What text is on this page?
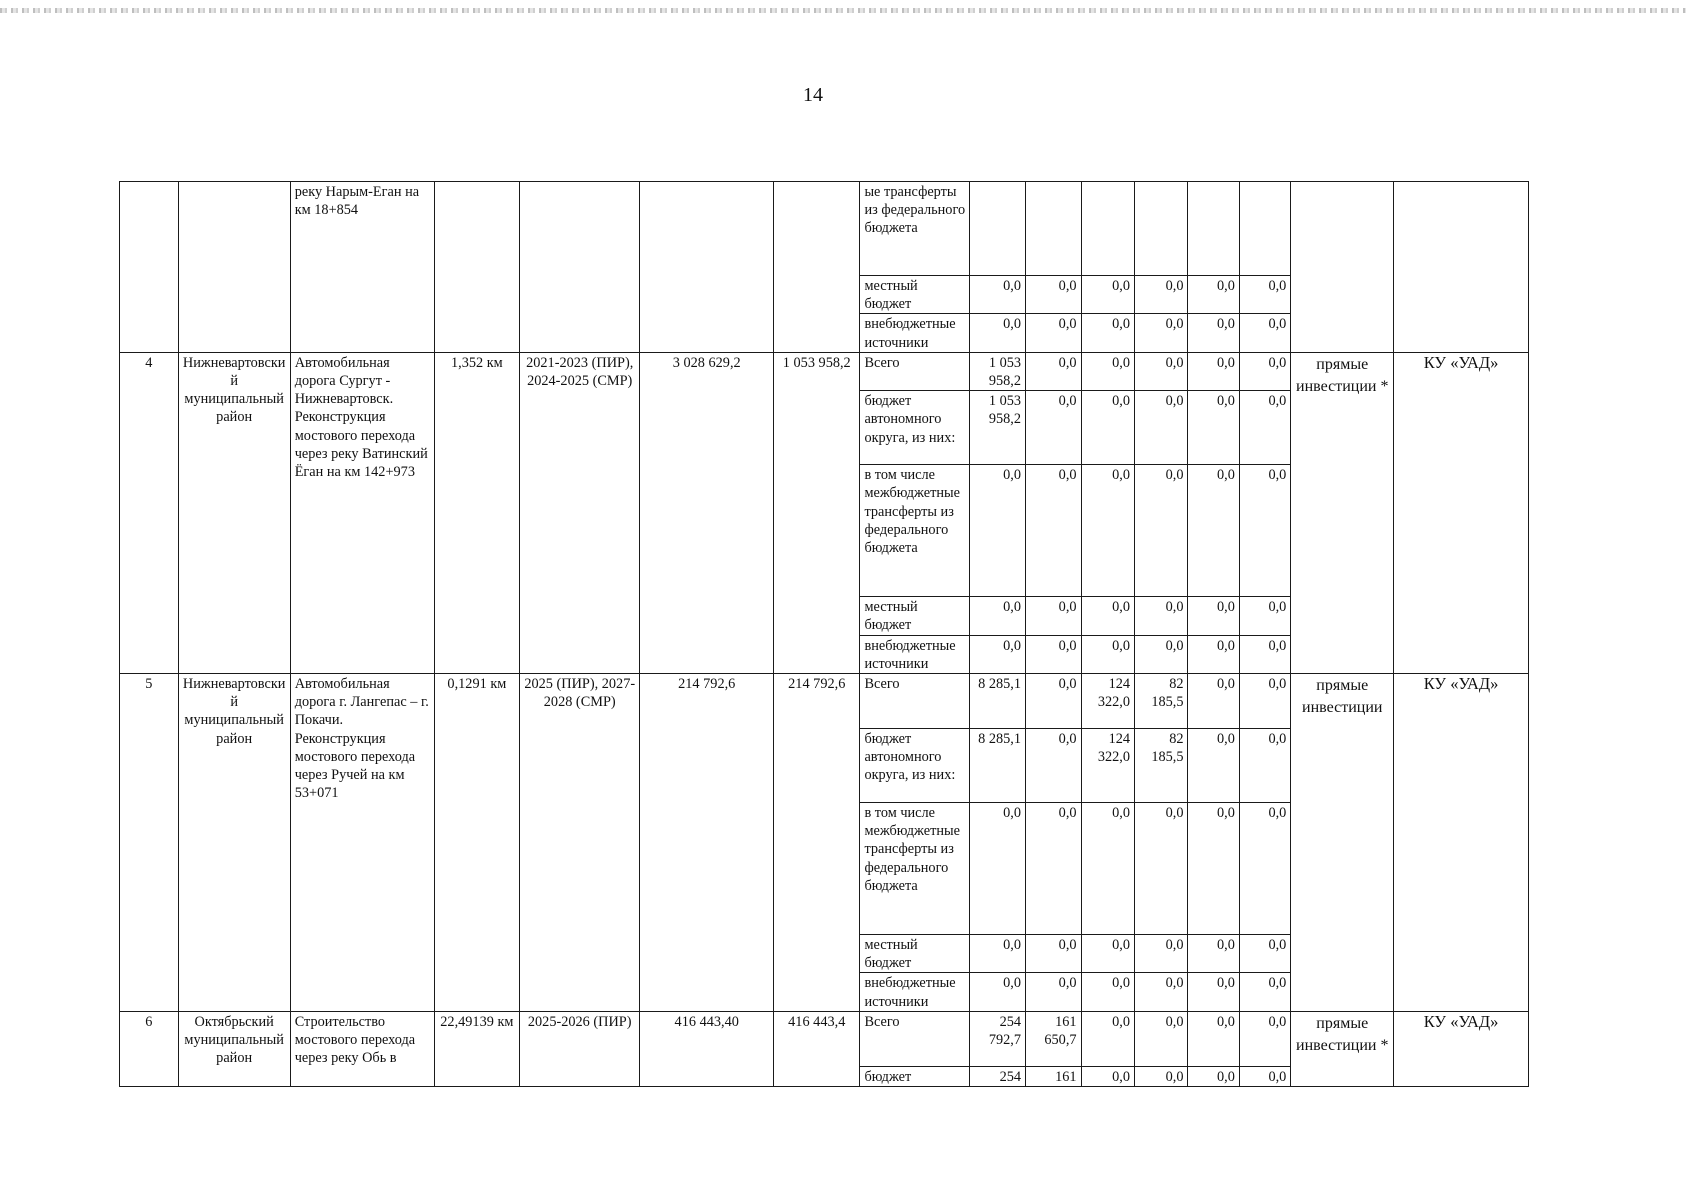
14
		реку Нарым-Еган на км 18+854					ые трансферты из федерального бюджета								
							местный бюджет	0,0	0,0	0,0	0,0	0,0	0,0		
							внебюджетные источники	0,0	0,0	0,0	0,0	0,0	0,0		
4	Нижневартовский муниципальный район	Автомобильная дорога Сургут - Нижневартовск. Реконструкция мостового перехода через реку Ватинский Ёган на км 142+973	1,352 км	2021-2023 (ПИР), 2024-2025 (СМР)	3 028 629,2	1 053 958,2	Всего	1 053 958,2	0,0	0,0	0,0	0,0	0,0	прямые инвестиции *	КУ «УАД»
							бюджет автономного округа, из них:	1 053 958,2	0,0	0,0	0,0	0,0	0,0		
							в том числе межбюджетные трансферты из федерального бюджета	0,0	0,0	0,0	0,0	0,0	0,0		
							местный бюджет	0,0	0,0	0,0	0,0	0,0	0,0		
							внебюджетные источники	0,0	0,0	0,0	0,0	0,0	0,0		
5	Нижневартовский муниципальный район	Автомобильная дорога г. Лангепас – г. Покачи. Реконструкция мостового перехода через Ручей на км 53+071	0,1291 км	2025 (ПИР), 2027-2028 (СМР)	214 792,6	214 792,6	Всего	8 285,1	0,0	124 322,0	82 185,5	0,0	0,0	прямые инвестиции	КУ «УАД»
							бюджет автономного округа, из них:	8 285,1	0,0	124 322,0	82 185,5	0,0	0,0		
							в том числе межбюджетные трансферты из федерального бюджета	0,0	0,0	0,0	0,0	0,0	0,0		
							местный бюджет	0,0	0,0	0,0	0,0	0,0	0,0		
							внебюджетные источники	0,0	0,0	0,0	0,0	0,0	0,0		
6	Октябрьский муниципальный район	Строительство мостового перехода через реку Обь в	22,49139 км	2025-2026 (ПИР)	416 443,40	416 443,4	Всего	254 792,7	161 650,7	0,0	0,0	0,0	0,0	прямые инвестиции *	КУ «УАД»
							бюджет	254	161	0,0	0,0	0,0	0,0		
